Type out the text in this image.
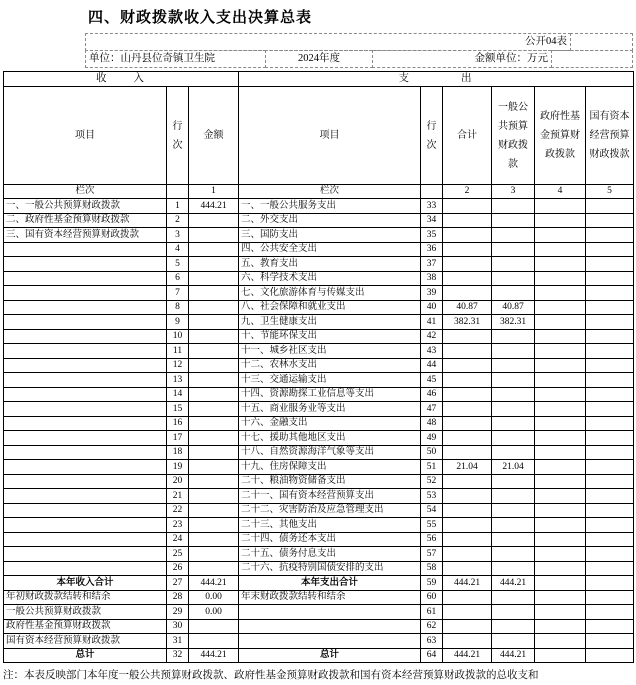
四、财政拨款收入支出决算总表
公开04表
单位：山丹县位奇镇卫生院	2024年度	金额单位：万元
收　　入			支　　　　出					
项目	行次	金额	项目	行次	合计	一般公共预算财政拨款	政府性基金预算财政拨款	国有资本经营预算财政拨款
栏次		1	栏次		2	3	4	5
一、一般公共预算财政拨款	1	444.21	一、一般公共服务支出	33				
二、政府性基金预算财政拨款	2		二、外交支出	34				
三、国有资本经营预算财政拨款	3		三、国防支出	35				
	4		四、公共安全支出	36				
	5		五、教育支出	37				
	6		六、科学技术支出	38				
	7		七、文化旅游体育与传媒支出	39				
	8		八、社会保障和就业支出	40	40.87	40.87		
	9		九、卫生健康支出	41	382.31	382.31		
	10		十、节能环保支出	42				
	11		十一、城乡社区支出	43				
	12		十二、农林水支出	44				
	13		十三、交通运输支出	45				
	14		十四、资源勘探工业信息等支出	46				
	15		十五、商业服务业等支出	47				
	16		十六、金融支出	48				
	17		十七、援助其他地区支出	49				
	18		十八、自然资源海洋气象等支出	50				
	19		十九、住房保障支出	51	21.04	21.04		
	20		二十、粮油物资储备支出	52				
	21		二十一、国有资本经营预算支出	53				
	22		二十二、灾害防治及应急管理支出	54				
	23		二十三、其他支出	55				
	24		二十四、债务还本支出	56				
	25		二十五、债务付息支出	57				
	26		二十六、抗疫特别国债安排的支出	58				
本年收入合计	27	444.21	本年支出合计	59	444.21	444.21		
年初财政拨款结转和结余	28	0.00	年末财政拨款结转和结余	60				
一般公共预算财政拨款	29	0.00		61				
政府性基金预算财政拨款	30			62				
国有资本经营预算财政拨款	31			63				
总计	32	444.21	总计	64	444.21	444.21		
注：本表反映部门本年度一般公共预算财政拨款、政府性基金预算财政拨款和国有资本经营预算财政拨款的总收支和
